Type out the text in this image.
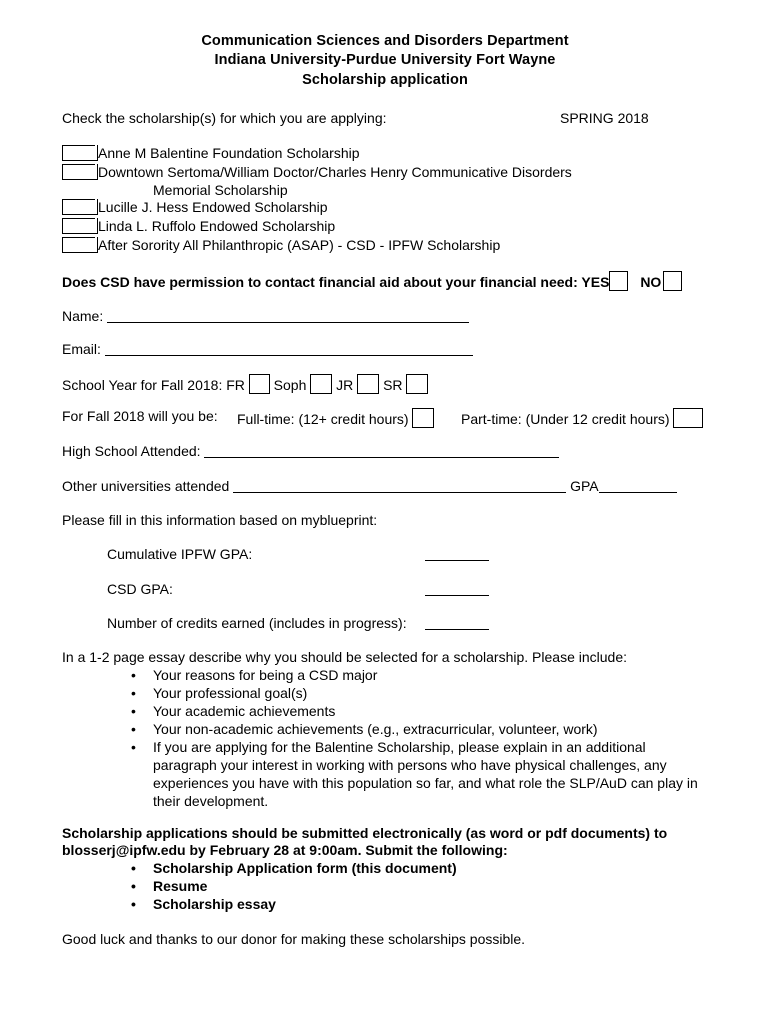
Communication Sciences and Disorders Department
Indiana University-Purdue University Fort Wayne
Scholarship application
Check the scholarship(s) for which you are applying:	SPRING 2018
Anne M Balentine Foundation Scholarship
Downtown Sertoma/William Doctor/Charles Henry Communicative Disorders
Memorial Scholarship
Lucille J. Hess Endowed Scholarship
Linda L. Ruffolo Endowed Scholarship
After Sorority All Philanthropic (ASAP) - CSD - IPFW Scholarship
Does CSD have permission to contact financial aid about your financial need: YES NO
Name:
Email:
School Year for Fall 2018: FR Soph JR SR
For Fall 2018 will you be: Full-time: (12+ credit hours)	Part-time: (Under 12 credit hours)
High School Attended:
Other universities attended	GPA
Please fill in this information based on myblueprint:
Cumulative IPFW GPA:
CSD GPA:
Number of credits earned (includes in progress):
In a 1-2 page essay describe why you should be selected for a scholarship. Please include:
• Your reasons for being a CSD major
• Your professional goal(s)
• Your academic achievements
• Your non-academic achievements (e.g., extracurricular, volunteer, work)
• If you are applying for the Balentine Scholarship, please explain in an additional
paragraph your interest in working with persons who have physical challenges, any
experiences you have with this population so far, and what role the SLP/AuD can play in
their development.
Scholarship applications should be submitted electronically (as word or pdf documents) to
blosserj@ipfw.edu by February 28 at 9:00am. Submit the following:
• Scholarship Application form (this document)
• Resume
• Scholarship essay
Good luck and thanks to our donor for making these scholarships possible.
